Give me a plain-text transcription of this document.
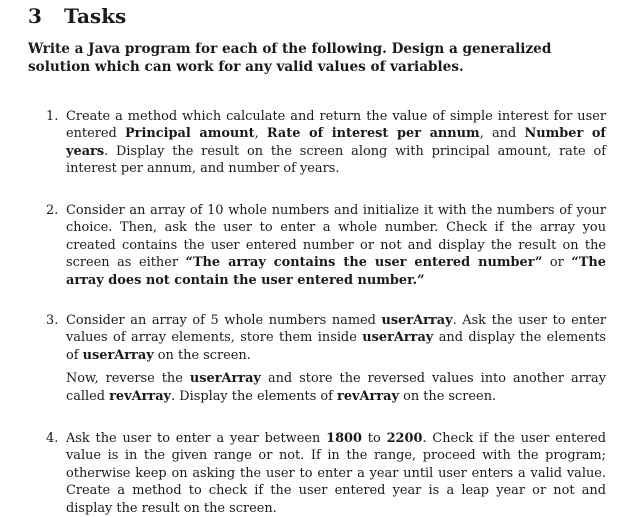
3 Tasks

Write a Java program for each of the following. Design a generalized solution which can work for any valid values of variables.

1. Create a method which calculate and return the value of simple interest for user entered Principal amount, Rate of interest per annum, and Number of years. Display the result on the screen along with principal amount, rate of interest per annum, and number of years.

2. Consider an array of 10 whole numbers and initialize it with the numbers of your choice. Then, ask the user to enter a whole number. Check if the array you created contains the user entered number or not and display the result on the screen as either “The array contains the user entered number” or “The array does not contain the user entered number.”

3. Consider an array of 5 whole numbers named userArray. Ask the user to enter values of array elements, store them inside userArray and display the elements of userArray on the screen.

Now, reverse the userArray and store the reversed values into another array called revArray. Display the elements of revArray on the screen.

4. Ask the user to enter a year between 1800 to 2200. Check if the user entered value is in the given range or not. If in the range, proceed with the program; otherwise keep on asking the user to enter a year until user enters a valid value. Create a method to check if the user entered year is a leap year or not and display the result on the screen.
